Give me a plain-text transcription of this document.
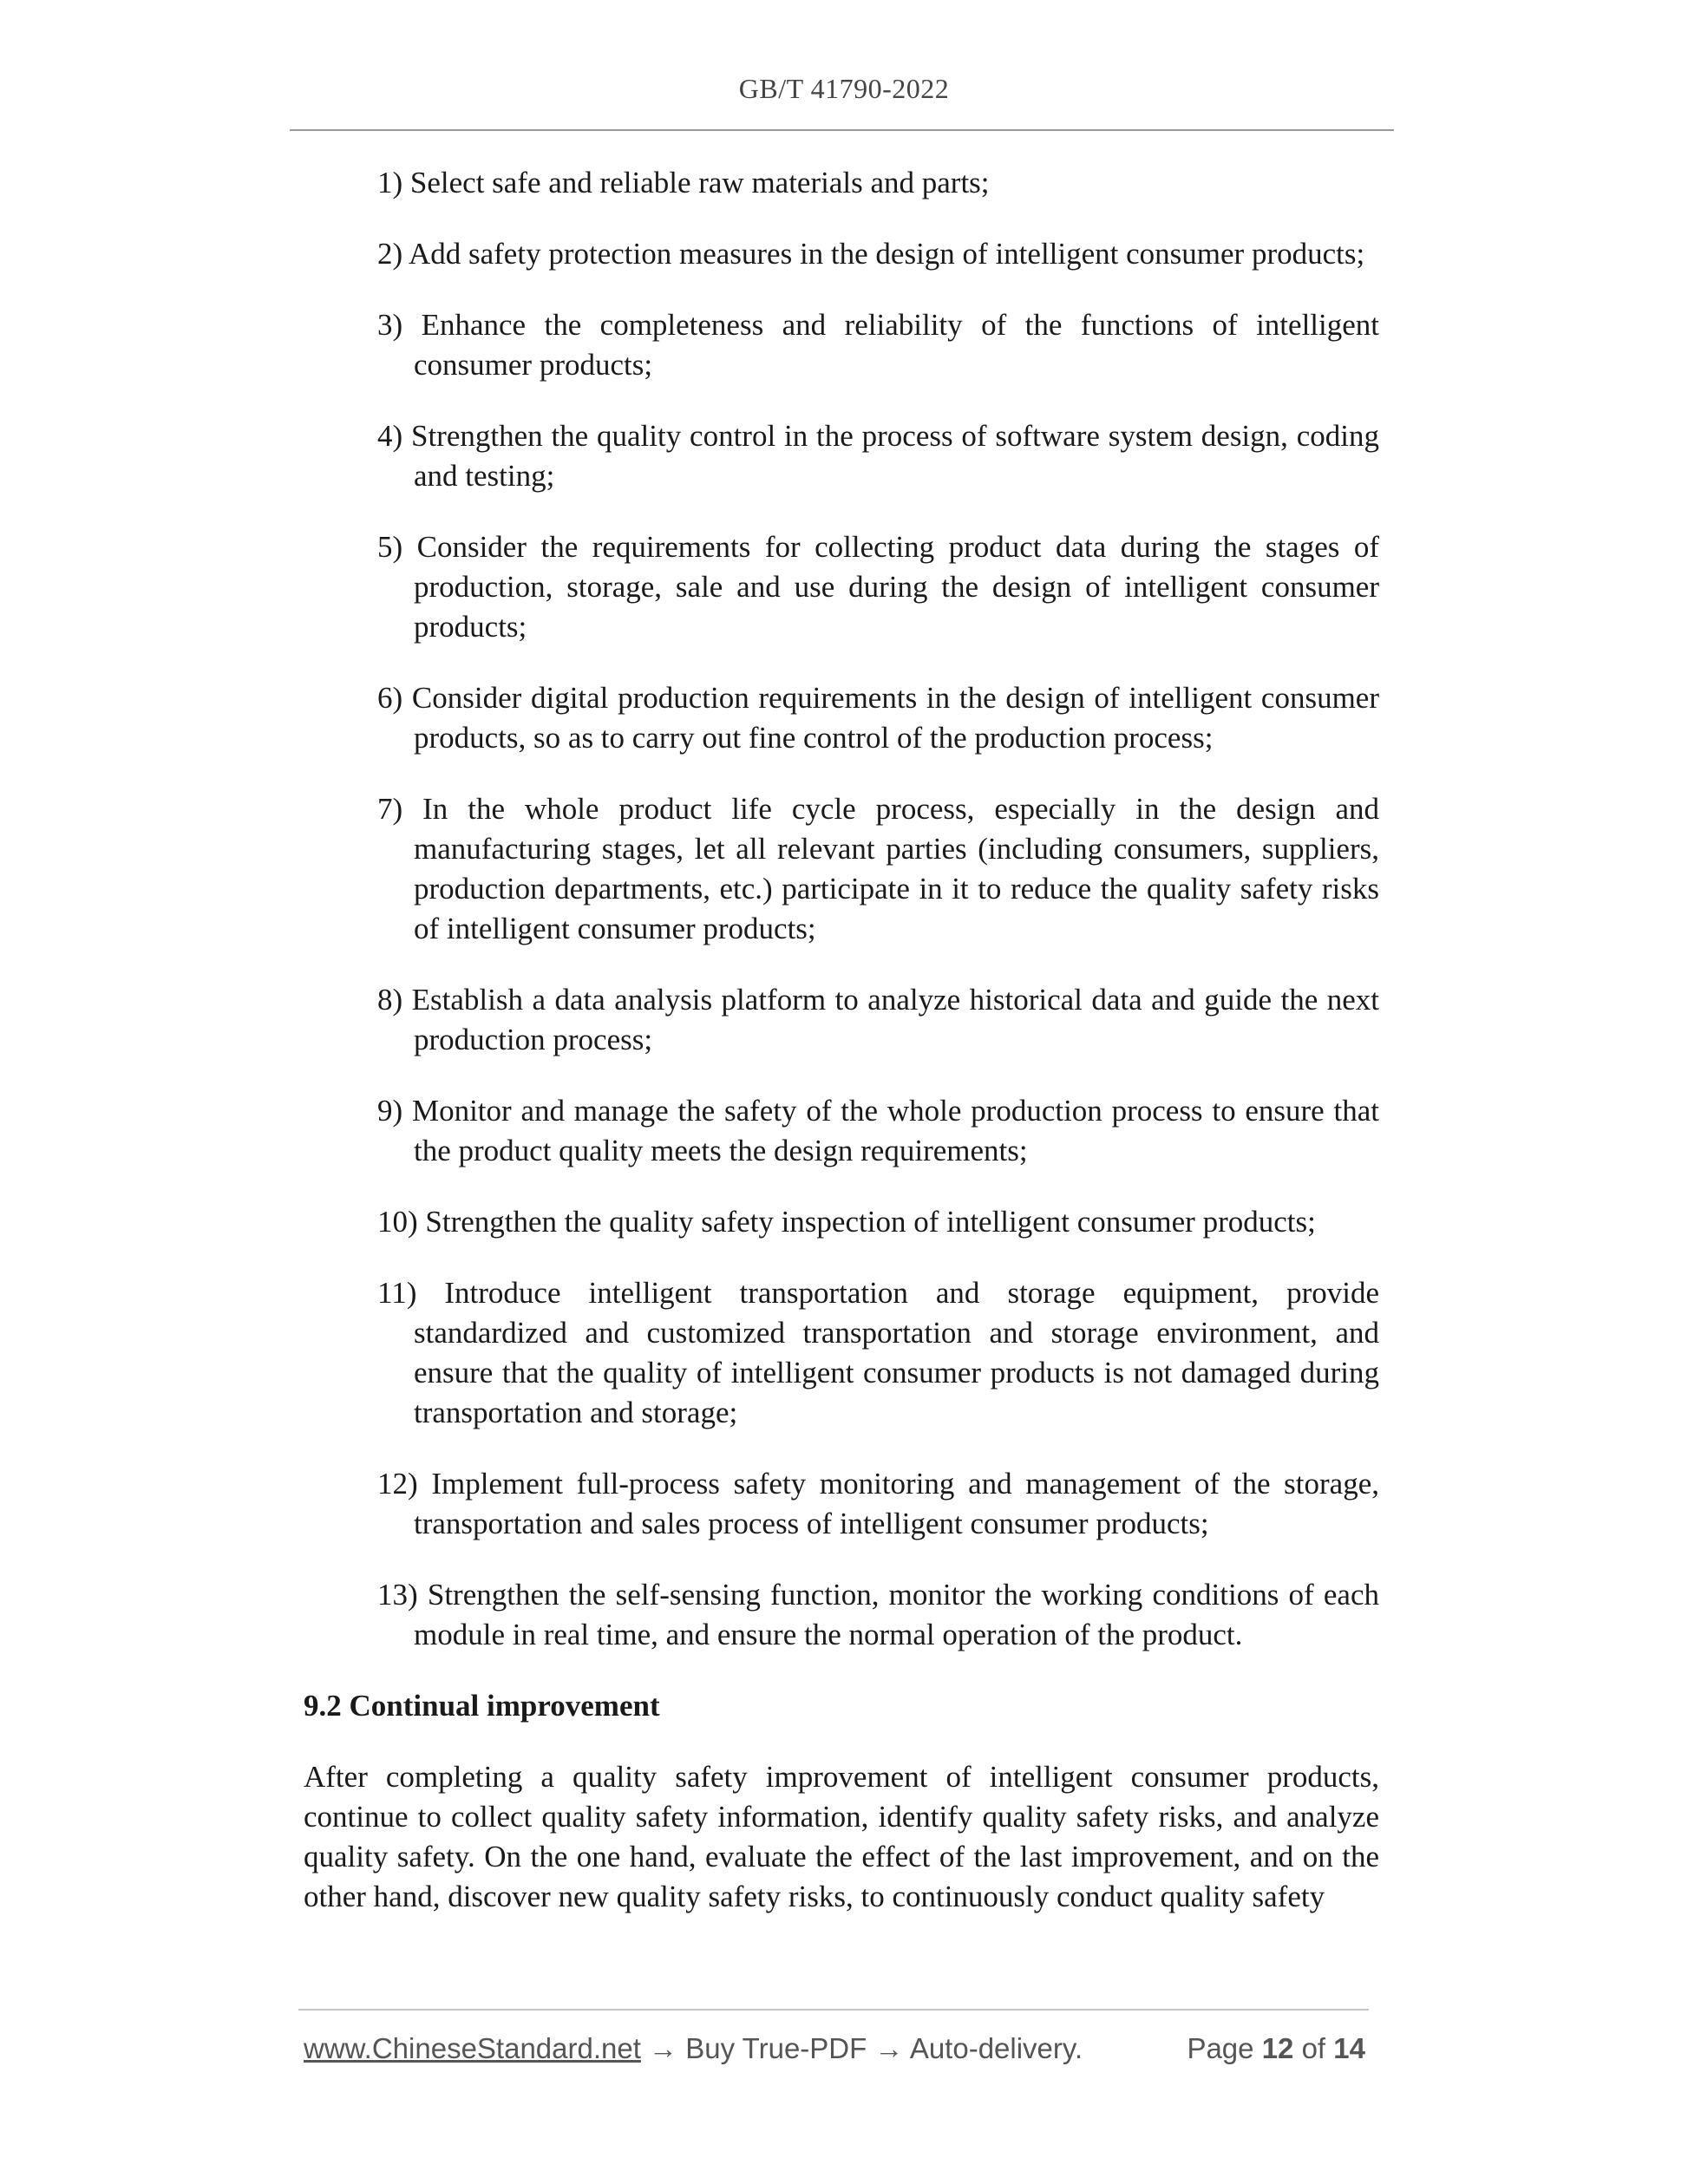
GB/T 41790-2022

1) Select safe and reliable raw materials and parts;

2) Add safety protection measures in the design of intelligent consumer products;

3) Enhance the completeness and reliability of the functions of intelligent consumer products;

4) Strengthen the quality control in the process of software system design, coding and testing;

5) Consider the requirements for collecting product data during the stages of production, storage, sale and use during the design of intelligent consumer products;

6) Consider digital production requirements in the design of intelligent consumer products, so as to carry out fine control of the production process;

7) In the whole product life cycle process, especially in the design and manufacturing stages, let all relevant parties (including consumers, suppliers, production departments, etc.) participate in it to reduce the quality safety risks of intelligent consumer products;

8) Establish a data analysis platform to analyze historical data and guide the next production process;

9) Monitor and manage the safety of the whole production process to ensure that the product quality meets the design requirements;

10) Strengthen the quality safety inspection of intelligent consumer products;

11) Introduce intelligent transportation and storage equipment, provide standardized and customized transportation and storage environment, and ensure that the quality of intelligent consumer products is not damaged during transportation and storage;

12) Implement full-process safety monitoring and management of the storage, transportation and sales process of intelligent consumer products;

13) Strengthen the self-sensing function, monitor the working conditions of each module in real time, and ensure the normal operation of the product.

9.2 Continual improvement

After completing a quality safety improvement of intelligent consumer products, continue to collect quality safety information, identify quality safety risks, and analyze quality safety. On the one hand, evaluate the effect of the last improvement, and on the other hand, discover new quality safety risks, to continuously conduct quality safety

www.ChineseStandard.net → Buy True-PDF → Auto-delivery.	Page 12 of 14
